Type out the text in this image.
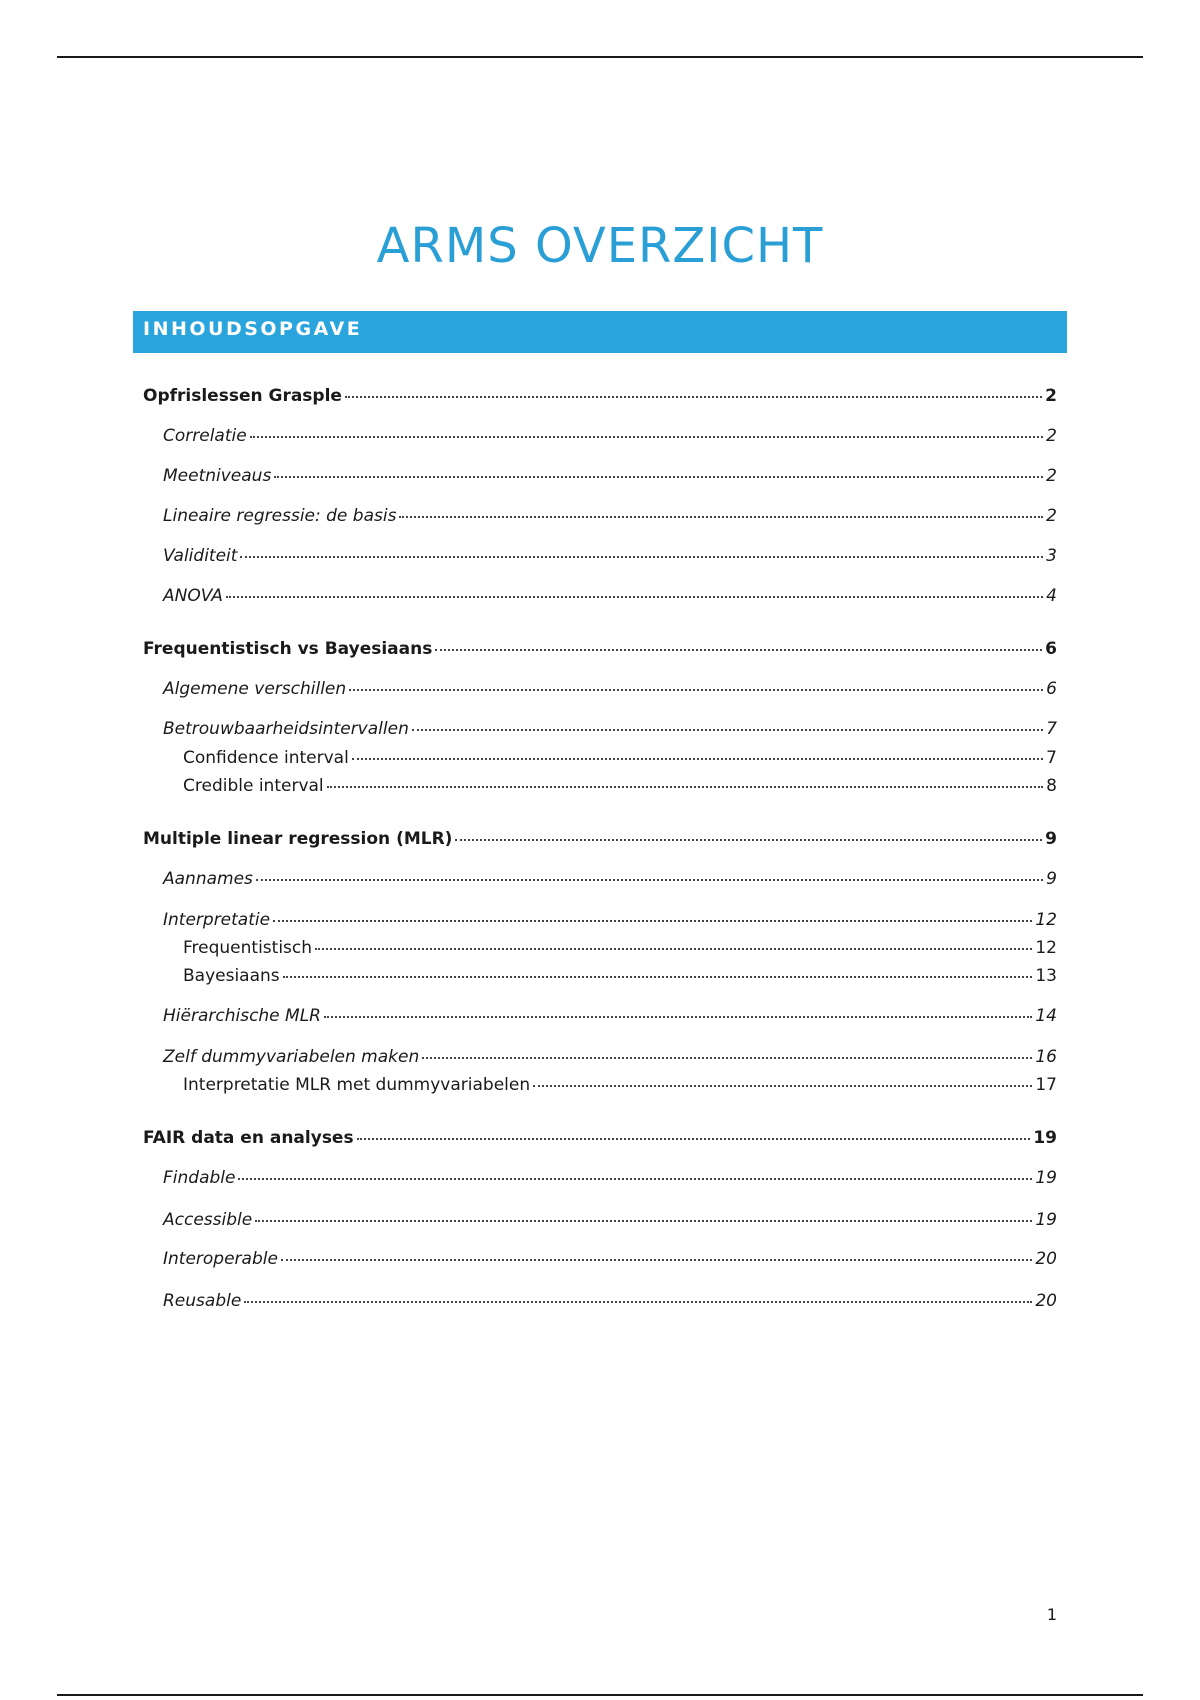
ARMS OVERZICHT
INHOUDSOPGAVE
Opfrislessen Grasple	2
Correlatie	2
Meetniveaus	2
Lineaire regressie: de basis	2
Validiteit	3
ANOVA	4
Frequentistisch vs Bayesiaans	6
Algemene verschillen	6
Betrouwbaarheidsintervallen	7
Confidence interval	7
Credible interval	8
Multiple linear regression (MLR)	9
Aannames	9
Interpretatie	12
Frequentistisch	12
Bayesiaans	13
Hiërarchische MLR	14
Zelf dummyvariabelen maken	16
Interpretatie MLR met dummyvariabelen	17
FAIR data en analyses	19
Findable	19
Accessible	19
Interoperable	20
Reusable	20
1
